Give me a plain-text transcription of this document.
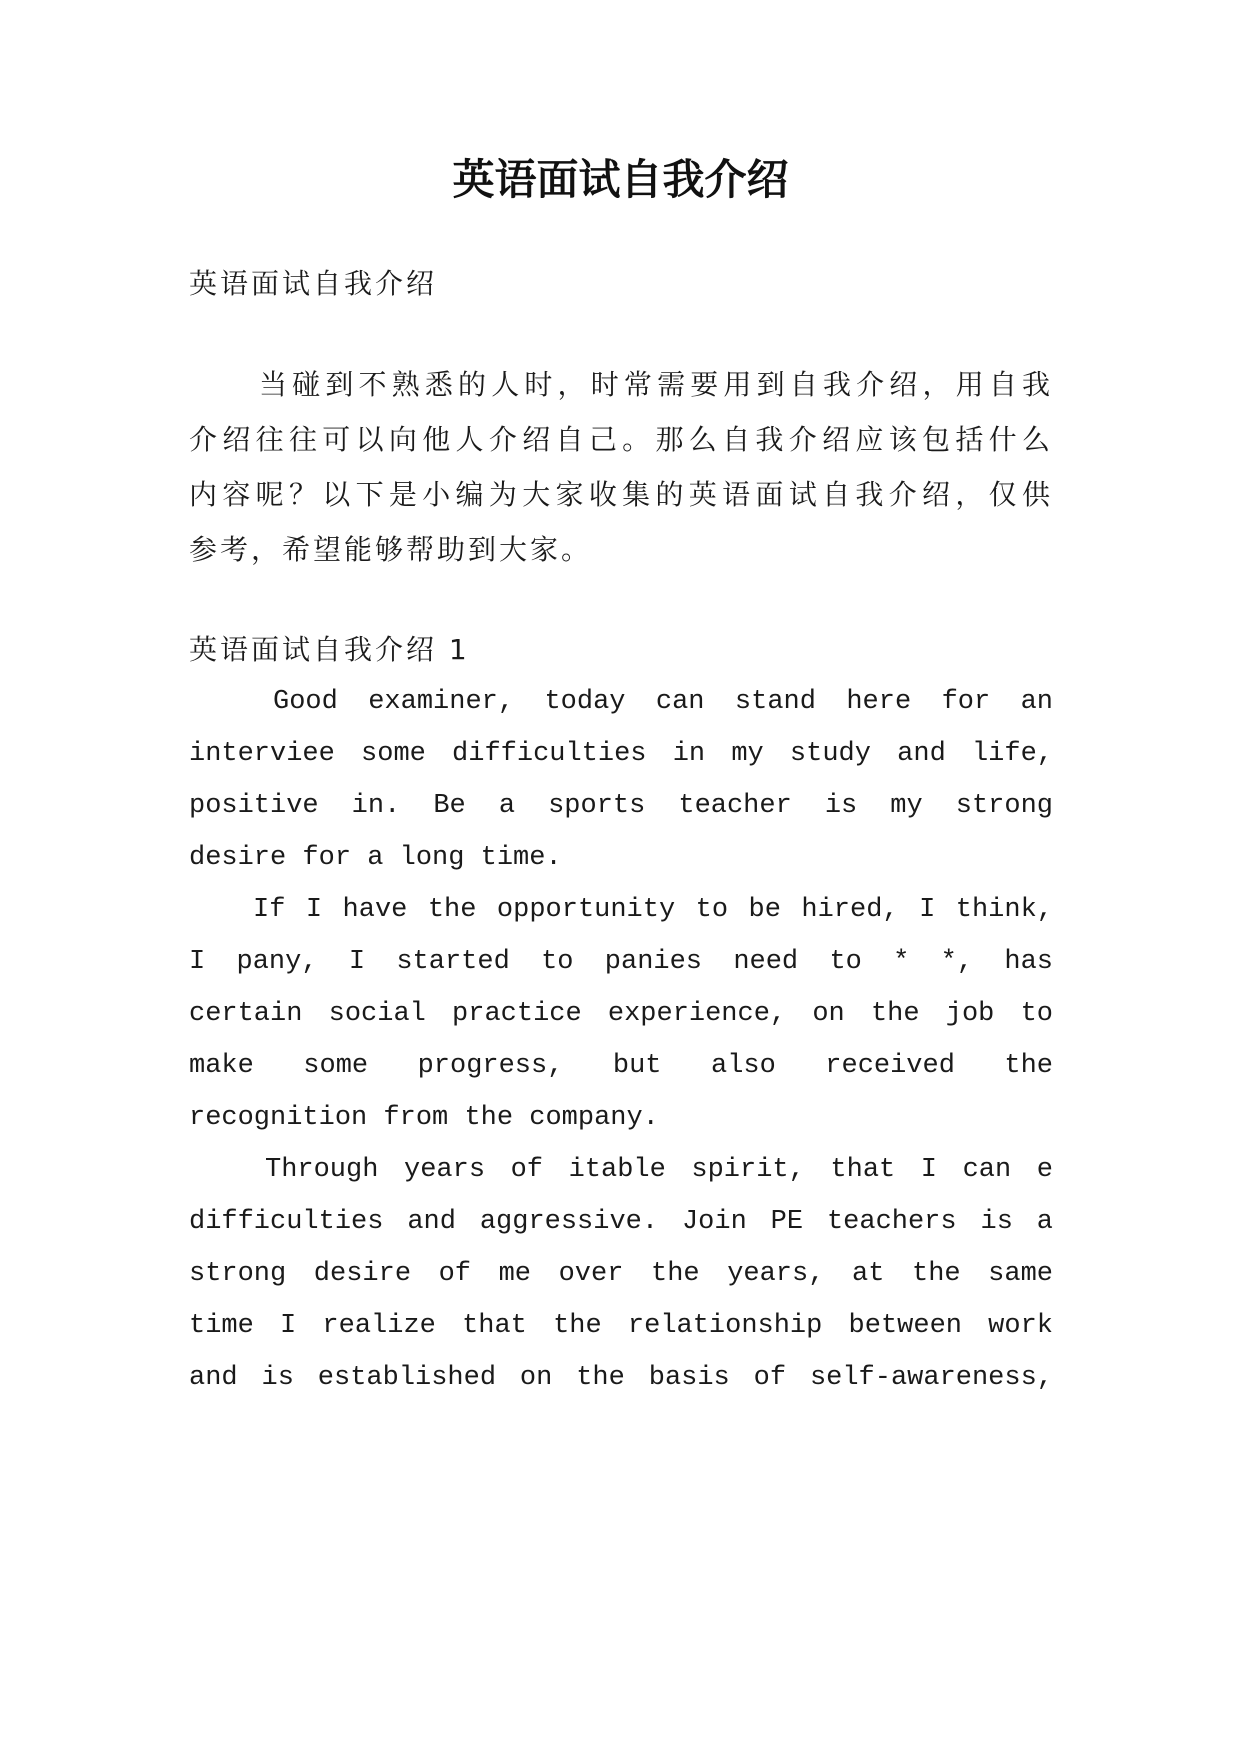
英语面试自我介绍

英语面试自我介绍

当碰到不熟悉的人时，时常需要用到自我介绍，用自我

介绍往往可以向他人介绍自己。那么自我介绍应该包括什么

内容呢？以下是小编为大家收集的英语面试自我介绍，仅供

参考，希望能够帮助到大家。

英语面试自我介绍 1

Good examiner, today can stand here for an

interviee some difficulties in my study and life,

positive in. Be a sports teacher is my strong

desire for a long time.

If I have the opportunity to be hired, I think,

I pany, I started to panies need to * *, has

certain social practice experience, on the job to

make some progress, but also received the

recognition from the company.

Through years of itable spirit, that I can e

difficulties and aggressive. Join PE teachers is a

strong desire of me over the years, at the same

time I realize that the relationship between work

and is established on the basis of self-awareness,
